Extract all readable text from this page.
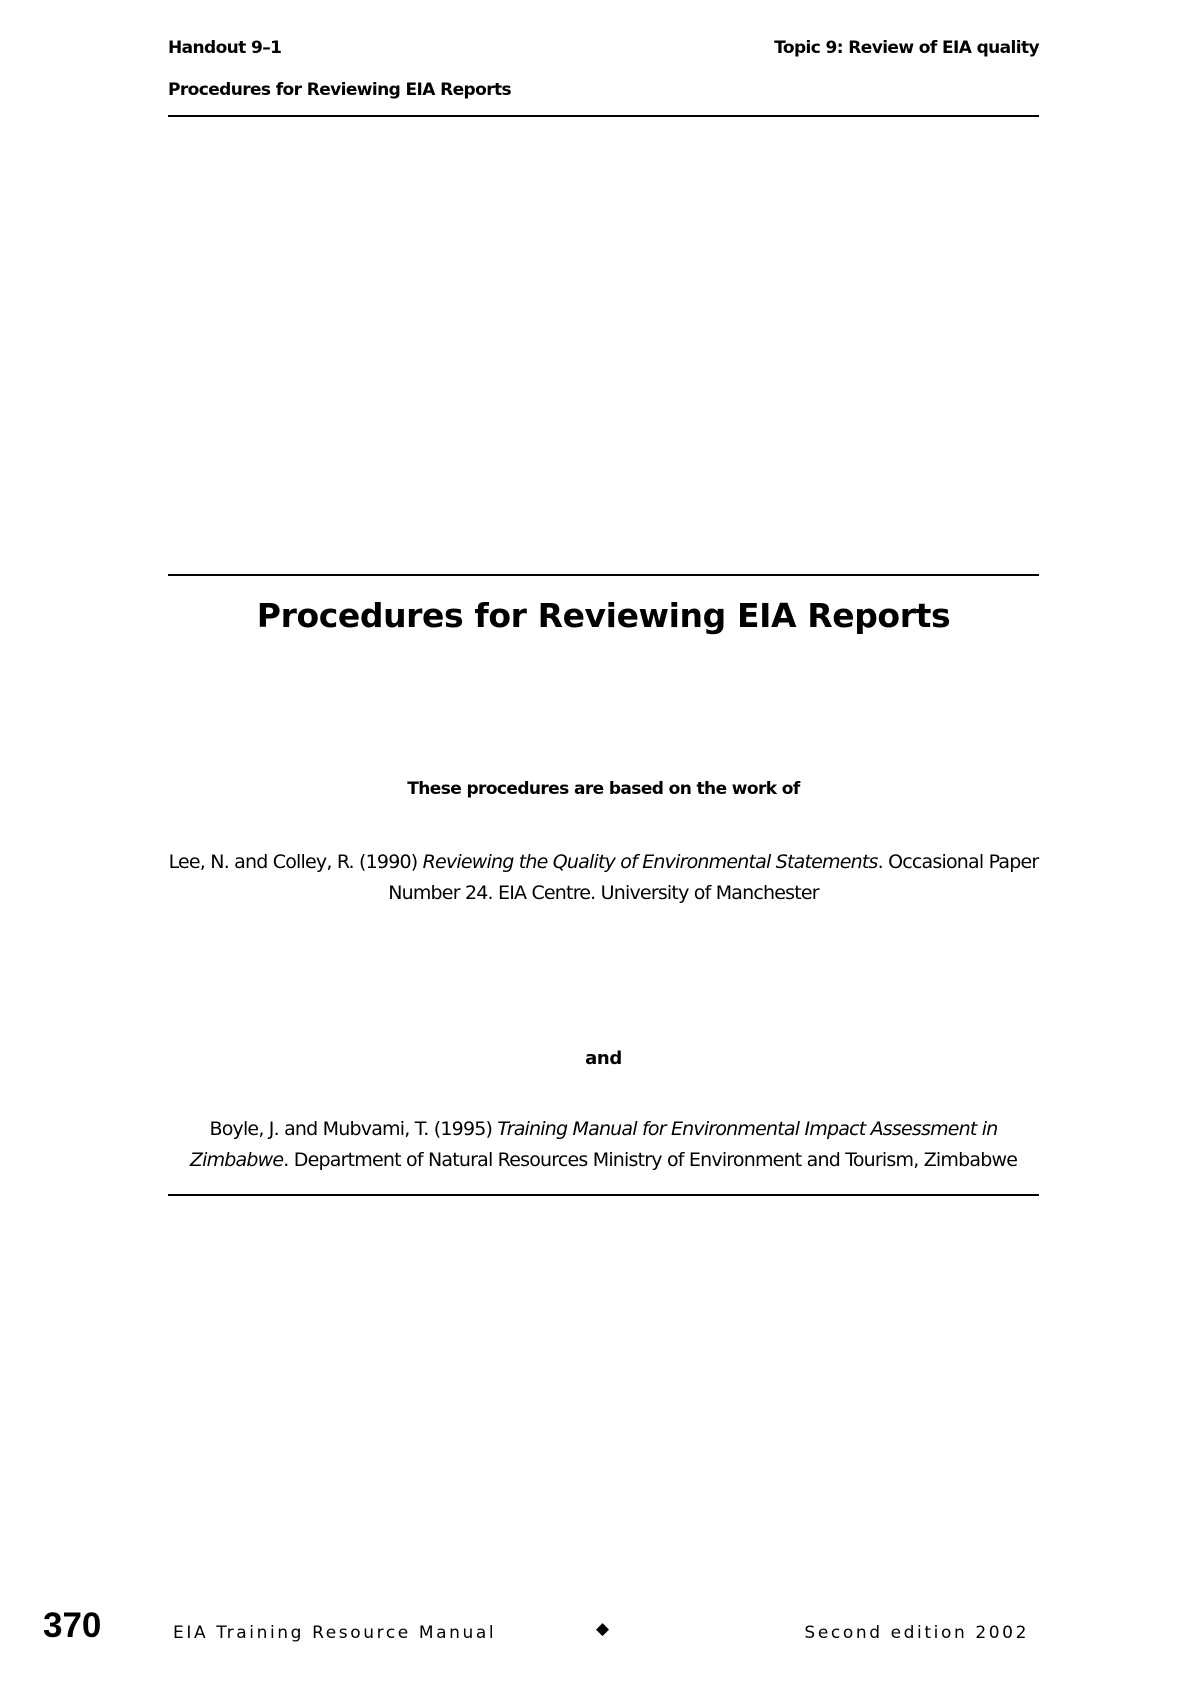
Handout 9–1	Topic 9: Review of EIA quality
Procedures for Reviewing EIA Reports
Procedures for Reviewing EIA Reports
These procedures are based on the work of
Lee, N. and Colley, R. (1990) Reviewing the Quality of Environmental Statements. Occasional Paper Number 24. EIA Centre. University of Manchester
and
Boyle, J. and Mubvami, T. (1995) Training Manual for Environmental Impact Assessment in Zimbabwe. Department of Natural Resources Ministry of Environment and Tourism, Zimbabwe
370	EIA Training Resource Manual	◆	Second edition 2002
